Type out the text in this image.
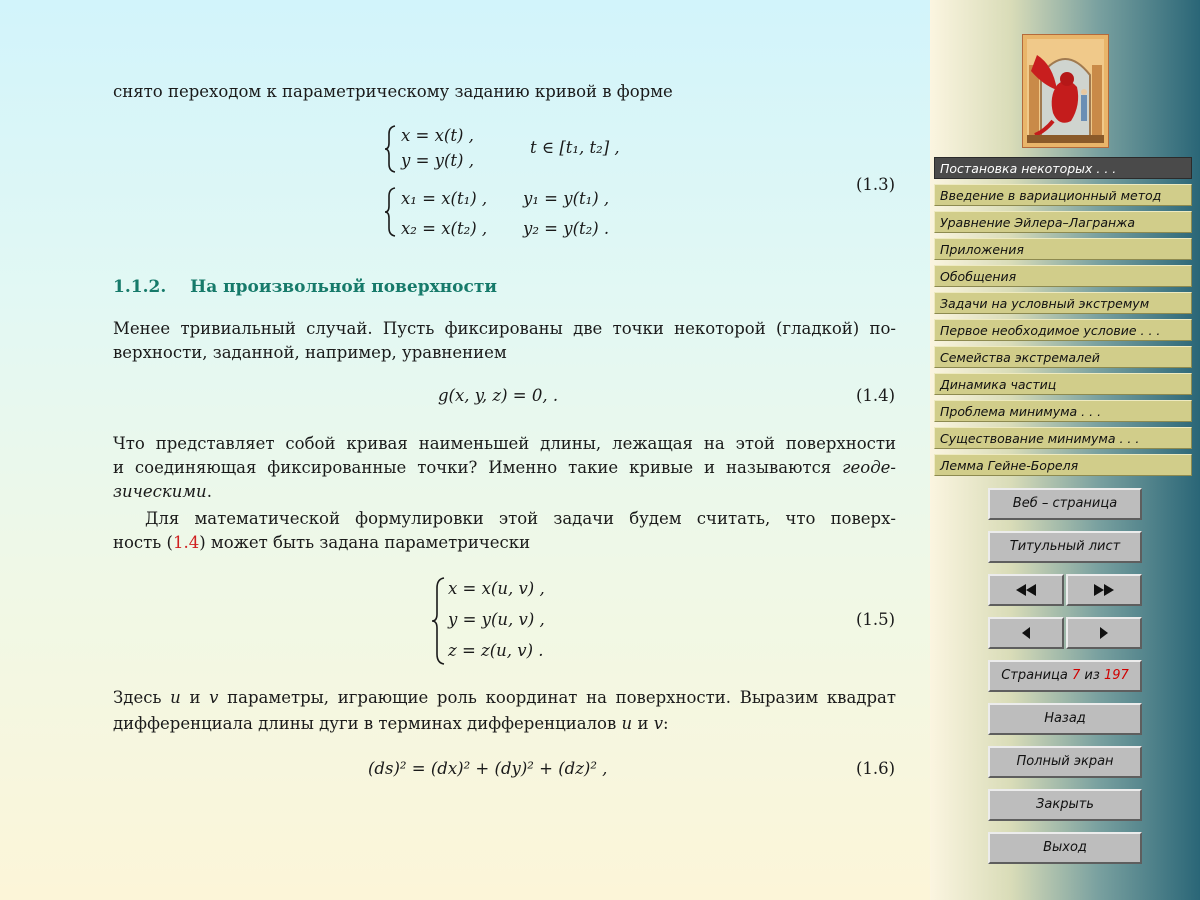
снято переходом к параметрическому заданию кривой в форме
x = x(t) ,
y = y(t) ,
t ∈ [t₁, t₂] ,
x₁ = x(t₁) , y₁ = y(t₁) ,
x₂ = x(t₂) , y₂ = y(t₂) .
(1.3)
1.1.2. На произвольной поверхности
Менее тривиальный случай. Пусть фиксированы две точки некоторой (гладкой) по-
верхности, заданной, например, уравнением
g(x, y, z) = 0, .	(1.4)
Что представляет собой кривая наименьшей длины, лежащая на этой поверхности
и соединяющая фиксированные точки? Именно такие кривые и называются геоде-
зическими.
Для математической формулировки этой задачи будем считать, что поверх-
ность (1.4) может быть задана параметрически
x = x(u, v) ,
y = y(u, v) ,
z = z(u, v) .
(1.5)
Здесь u и v параметры, играющие роль координат на поверхности. Выразим квадрат
дифференциала длины дуги в терминах дифференциалов u и v:
(ds)² = (dx)² + (dy)² + (dz)² ,	(1.6)
Постановка некоторых . . .
Введение в вариационный метод
Уравнение Эйлера–Лагранжа
Приложения
Обобщения
Задачи на условный экстремум
Первое необходимое условие . . .
Семейства экстремалей
Динамика частиц
Проблема минимума . . .
Существование минимума . . .
Лемма Гейне-Бореля
Веб – страница
Титульный лист
Страница 7 из 197
Назад
Полный экран
Закрыть
Выход
